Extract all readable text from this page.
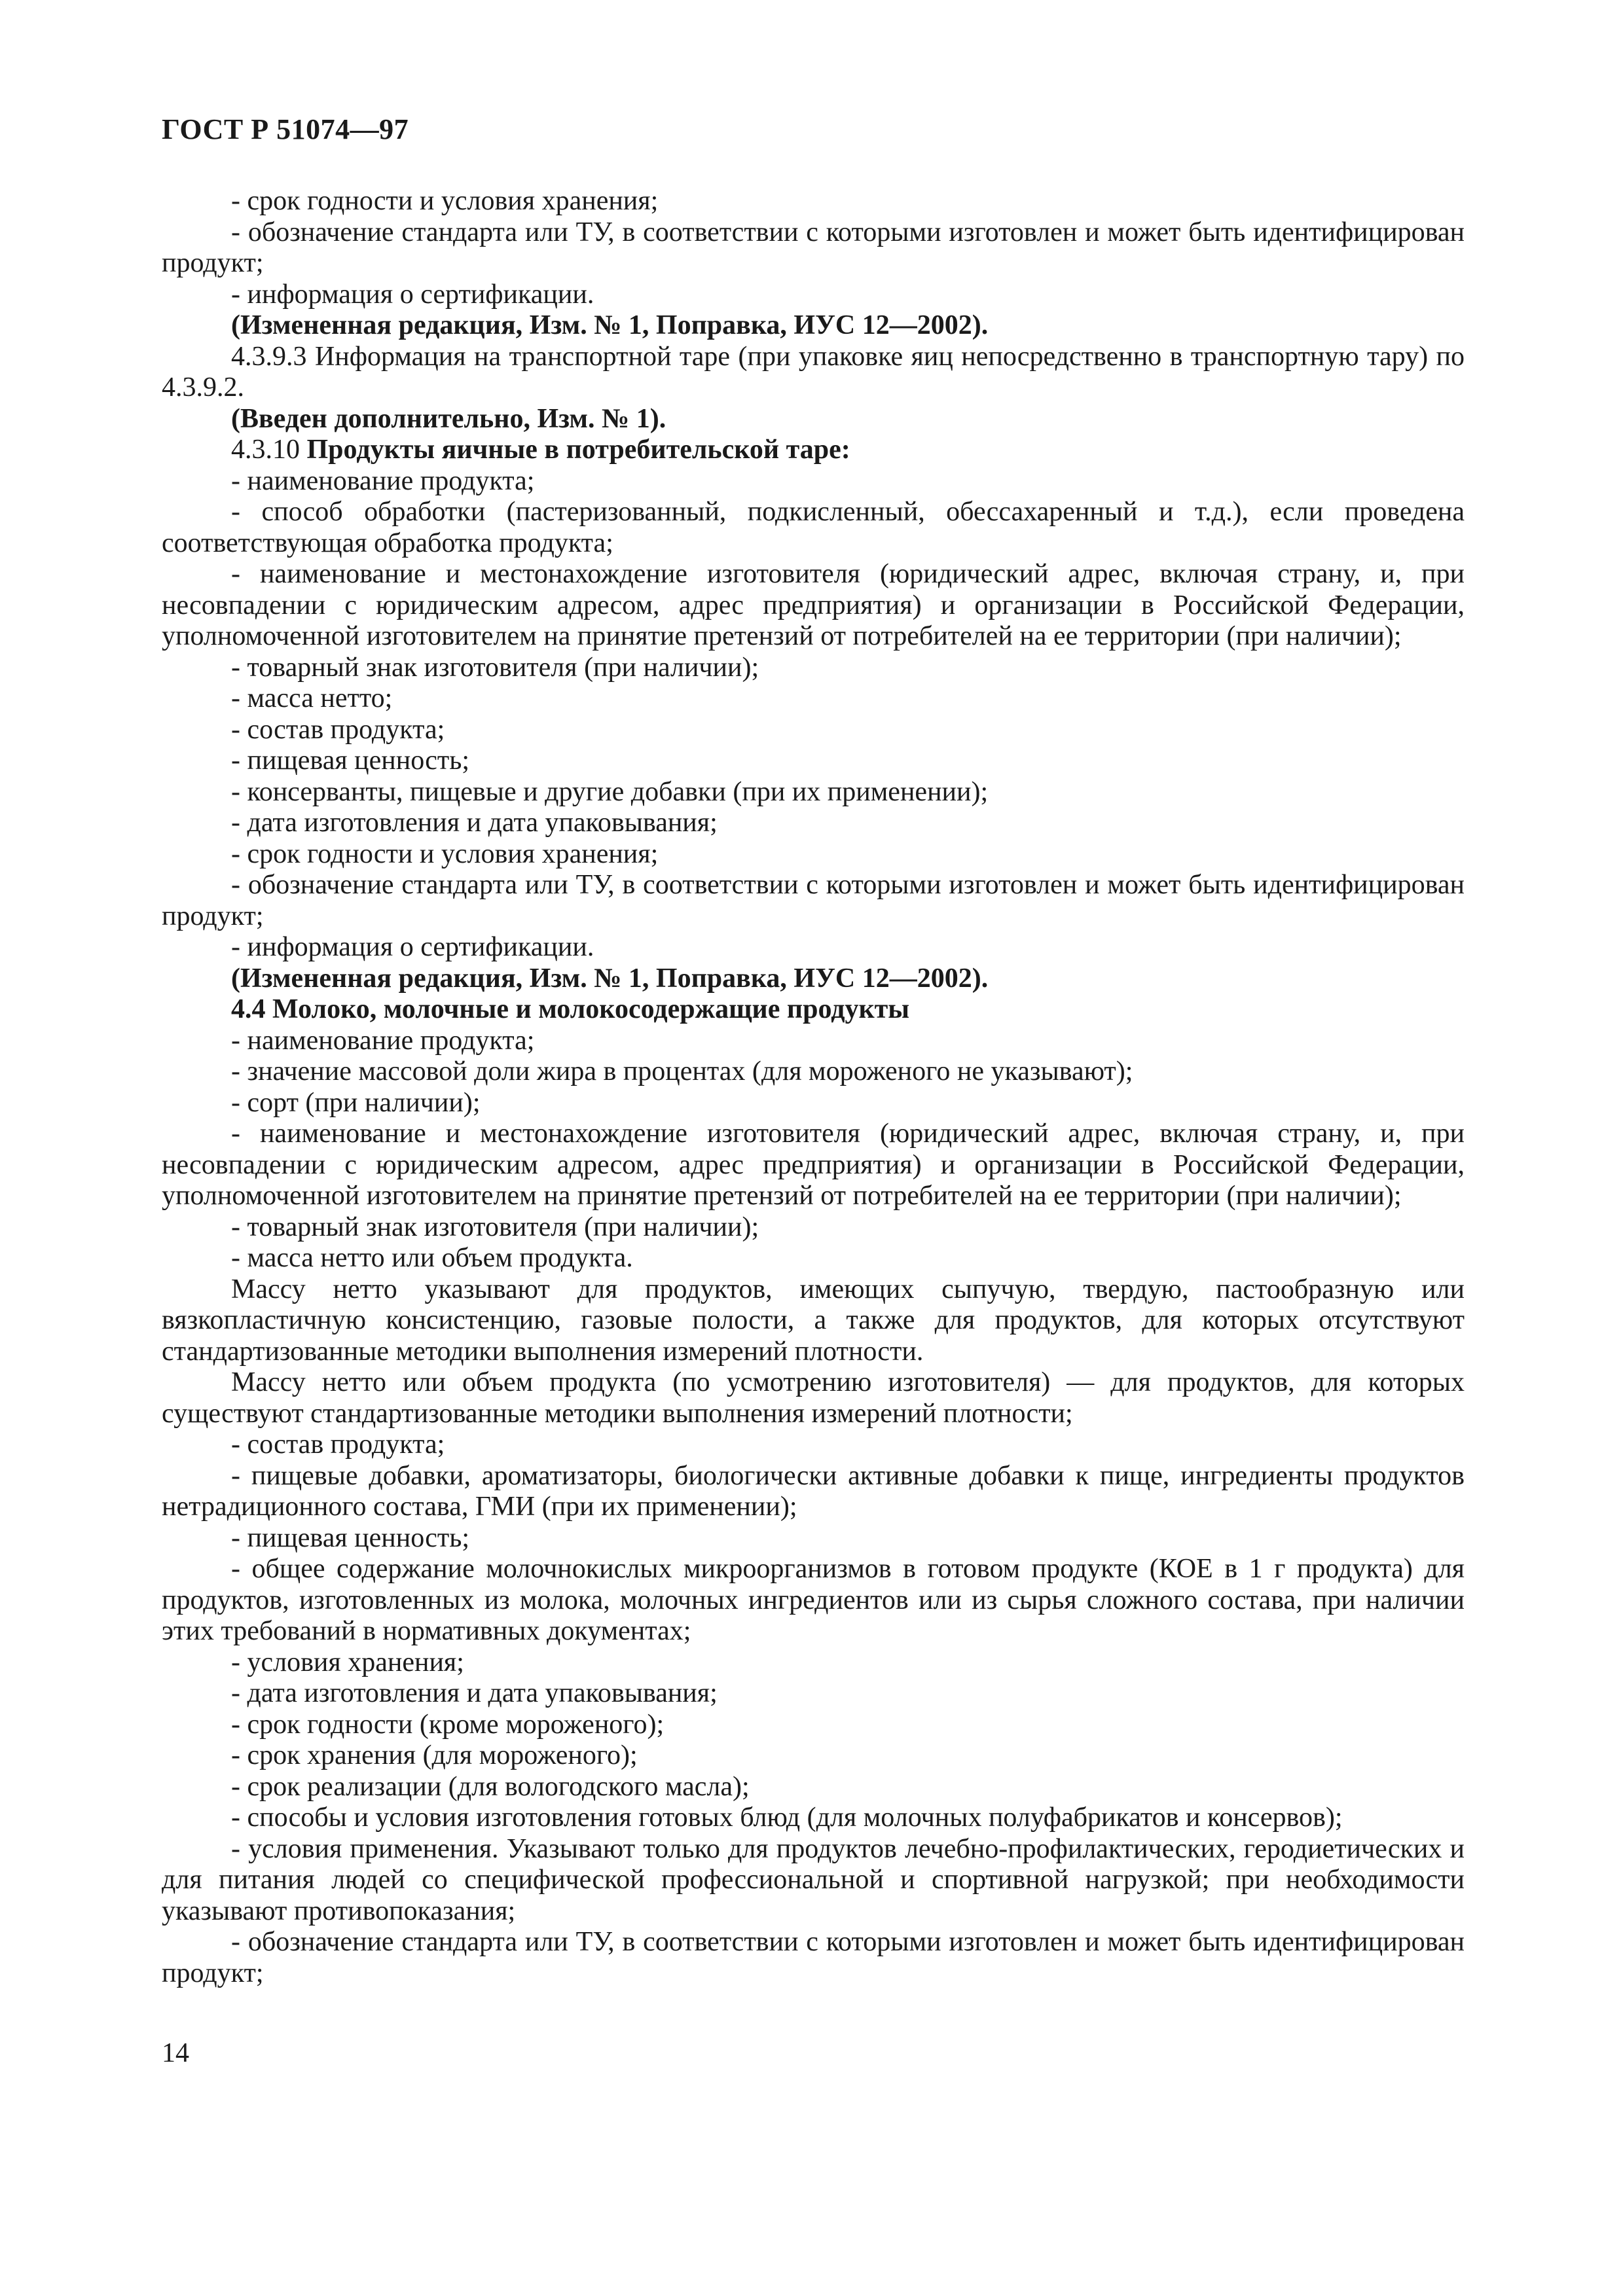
ГОСТ Р 51074—97

- срок годности и условия хранения;

- обозначение стандарта или ТУ, в соответствии с которыми изготовлен и может быть идентифицирован продукт;

- информация о сертификации.

(Измененная редакция, Изм. № 1, Поправка, ИУС 12—2002).

4.3.9.3 Информация на транспортной таре (при упаковке яиц непосредственно в транспортную тару) по 4.3.9.2.

(Введен дополнительно, Изм. № 1).

4.3.10 Продукты яичные в потребительской таре:

- наименование продукта;

- способ обработки (пастеризованный, подкисленный, обессахаренный и т.д.), если проведена соответствующая обработка продукта;

- наименование и местонахождение изготовителя (юридический адрес, включая страну, и, при несовпадении с юридическим адресом, адрес предприятия) и организации в Российской Федерации, уполномоченной изготовителем на принятие претензий от потребителей на ее территории (при наличии);

- товарный знак изготовителя (при наличии);

- масса нетто;

- состав продукта;

- пищевая ценность;

- консерванты, пищевые и другие добавки (при их применении);

- дата изготовления и дата упаковывания;

- срок годности и условия хранения;

- обозначение стандарта или ТУ, в соответствии с которыми изготовлен и может быть идентифицирован продукт;

- информация о сертификации.

(Измененная редакция, Изм. № 1, Поправка, ИУС 12—2002).

4.4 Молоко, молочные и молокосодержащие продукты

- наименование продукта;

- значение массовой доли жира в процентах (для мороженого не указывают);

- сорт (при наличии);

- наименование и местонахождение изготовителя (юридический адрес, включая страну, и, при несовпадении с юридическим адресом, адрес предприятия) и организации в Российской Федерации, уполномоченной изготовителем на принятие претензий от потребителей на ее территории (при наличии);

- товарный знак изготовителя (при наличии);

- масса нетто или объем продукта.

Массу нетто указывают для продуктов, имеющих сыпучую, твердую, пастообразную или вязкопластичную консистенцию, газовые полости, а также для продуктов, для которых отсутствуют стандартизованные методики выполнения измерений плотности.

Массу нетто или объем продукта (по усмотрению изготовителя) — для продуктов, для которых существуют стандартизованные методики выполнения измерений плотности;

- состав продукта;

- пищевые добавки, ароматизаторы, биологически активные добавки к пище, ингредиенты продуктов нетрадиционного состава, ГМИ (при их применении);

- пищевая ценность;

- общее содержание молочнокислых микроорганизмов в готовом продукте (КОЕ в 1 г продукта) для продуктов, изготовленных из молока, молочных ингредиентов или из сырья сложного состава, при наличии этих требований в нормативных документах;

- условия хранения;

- дата изготовления и дата упаковывания;

- срок годности (кроме мороженого);

- срок хранения (для мороженого);

- срок реализации (для вологодского масла);

- способы и условия изготовления готовых блюд (для молочных полуфабрикатов и консервов);

- условия применения. Указывают только для продуктов лечебно-профилактических, геродиетических и для питания людей со специфической профессиональной и спортивной нагрузкой; при необходимости указывают противопоказания;

- обозначение стандарта или ТУ, в соответствии с которыми изготовлен и может быть идентифицирован продукт;

14
